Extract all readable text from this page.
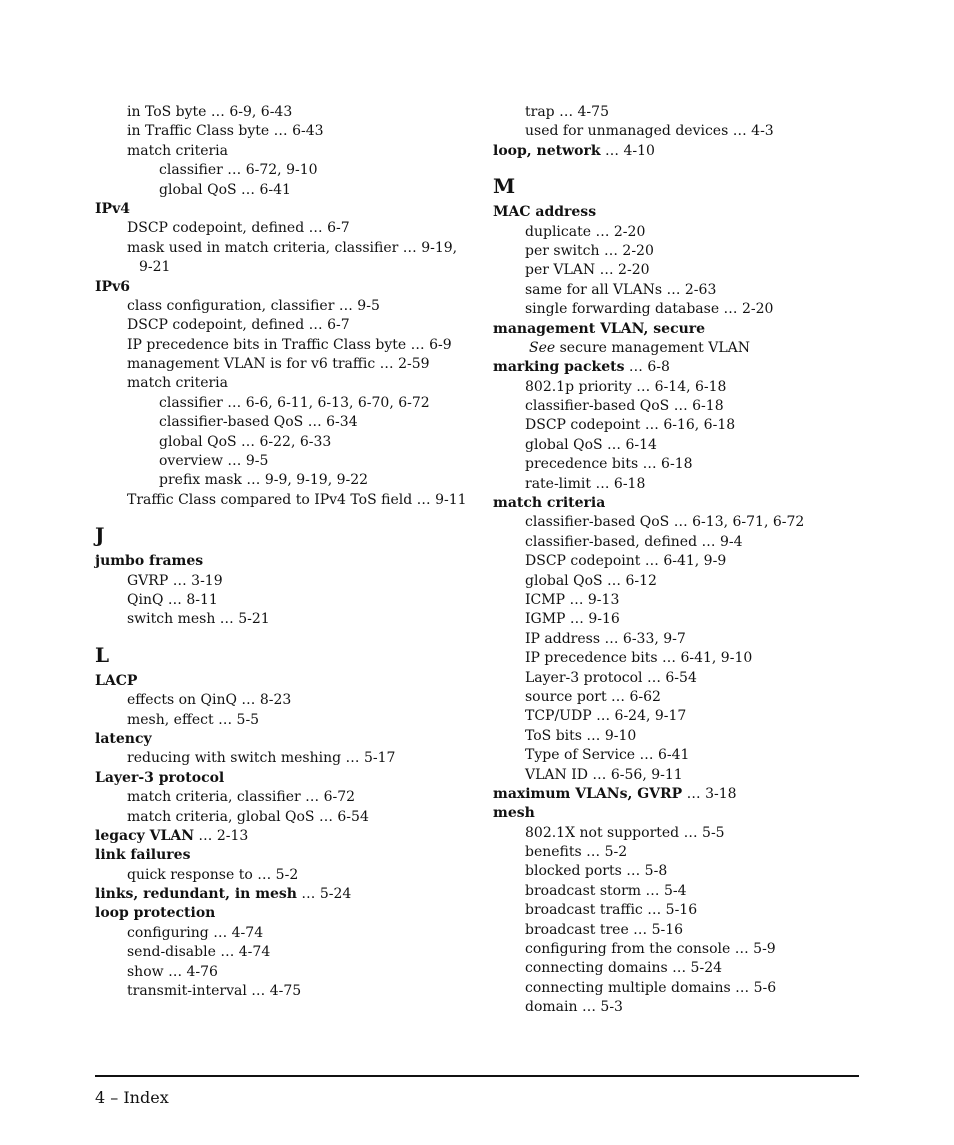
in ToS byte … 6-9, 6-43
in Traffic Class byte … 6-43
match criteria
classifier … 6-72, 9-10
global QoS … 6-41
IPv4
DSCP codepoint, defined … 6-7
mask used in match criteria, classifier … 9-19,
9-21
IPv6
class configuration, classifier … 9-5
DSCP codepoint, defined … 6-7
IP precedence bits in Traffic Class byte … 6-9
management VLAN is for v6 traffic … 2-59
match criteria
classifier … 6-6, 6-11, 6-13, 6-70, 6-72
classifier-based QoS … 6-34
global QoS … 6-22, 6-33
overview … 9-5
prefix mask … 9-9, 9-19, 9-22
Traffic Class compared to IPv4 ToS field … 9-11
J
jumbo frames
GVRP … 3-19
QinQ … 8-11
switch mesh … 5-21
L
LACP
effects on QinQ … 8-23
mesh, effect … 5-5
latency
reducing with switch meshing … 5-17
Layer-3 protocol
match criteria, classifier … 6-72
match criteria, global QoS … 6-54
legacy VLAN … 2-13
link failures
quick response to … 5-2
links, redundant, in mesh … 5-24
loop protection
configuring … 4-74
send-disable … 4-74
show … 4-76
transmit-interval … 4-75
trap … 4-75
used for unmanaged devices … 4-3
loop, network … 4-10
M
MAC address
duplicate … 2-20
per switch … 2-20
per VLAN … 2-20
same for all VLANs … 2-63
single forwarding database … 2-20
management VLAN, secure
See secure management VLAN
marking packets … 6-8
802.1p priority … 6-14, 6-18
classifier-based QoS … 6-18
DSCP codepoint … 6-16, 6-18
global QoS … 6-14
precedence bits … 6-18
rate-limit … 6-18
match criteria
classifier-based QoS … 6-13, 6-71, 6-72
classifier-based, defined … 9-4
DSCP codepoint … 6-41, 9-9
global QoS … 6-12
ICMP … 9-13
IGMP … 9-16
IP address … 6-33, 9-7
IP precedence bits … 6-41, 9-10
Layer-3 protocol … 6-54
source port … 6-62
TCP/UDP … 6-24, 9-17
ToS bits … 9-10
Type of Service … 6-41
VLAN ID … 6-56, 9-11
maximum VLANs, GVRP … 3-18
mesh
802.1X not supported … 5-5
benefits … 5-2
blocked ports … 5-8
broadcast storm … 5-4
broadcast traffic … 5-16
broadcast tree … 5-16
configuring from the console … 5-9
connecting domains … 5-24
connecting multiple domains … 5-6
domain … 5-3
4 – Index
